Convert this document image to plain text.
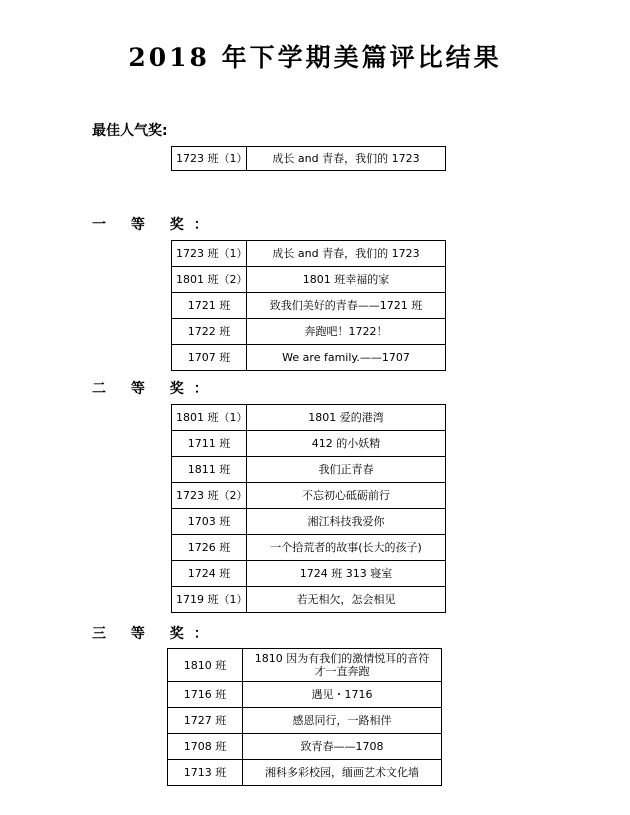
2018 年下学期美篇评比结果
最佳人气奖:
1723 班（1）	成长 and 青春，我们的 1723
一 等 奖：
1723 班（1）	成长 and 青春，我们的 1723
1801 班（2）	1801 班幸福的家
1721 班	致我们美好的青春——1721 班
1722 班	奔跑吧！1722！
1707 班	We are family.——1707
二 等 奖：
1801 班（1）	1801 爱的港湾
1711 班	412 的小妖精
1811 班	我们正青春
1723 班（2）	不忘初心砥砺前行
1703 班	湘江科技我爱你
1726 班	一个拾荒者的故事(长大的孩子)
1724 班	1724 班 313 寝室
1719 班（1）	若无相欠，怎会相见
三 等 奖：
1810 班	1810 因为有我们的激情悦耳的音符
才一直奔跑

1716 班	遇见・1716
1727 班	感恩同行，一路相伴
1708 班	致青春——1708
1713 班	湘科多彩校园，缅画艺术文化墙
